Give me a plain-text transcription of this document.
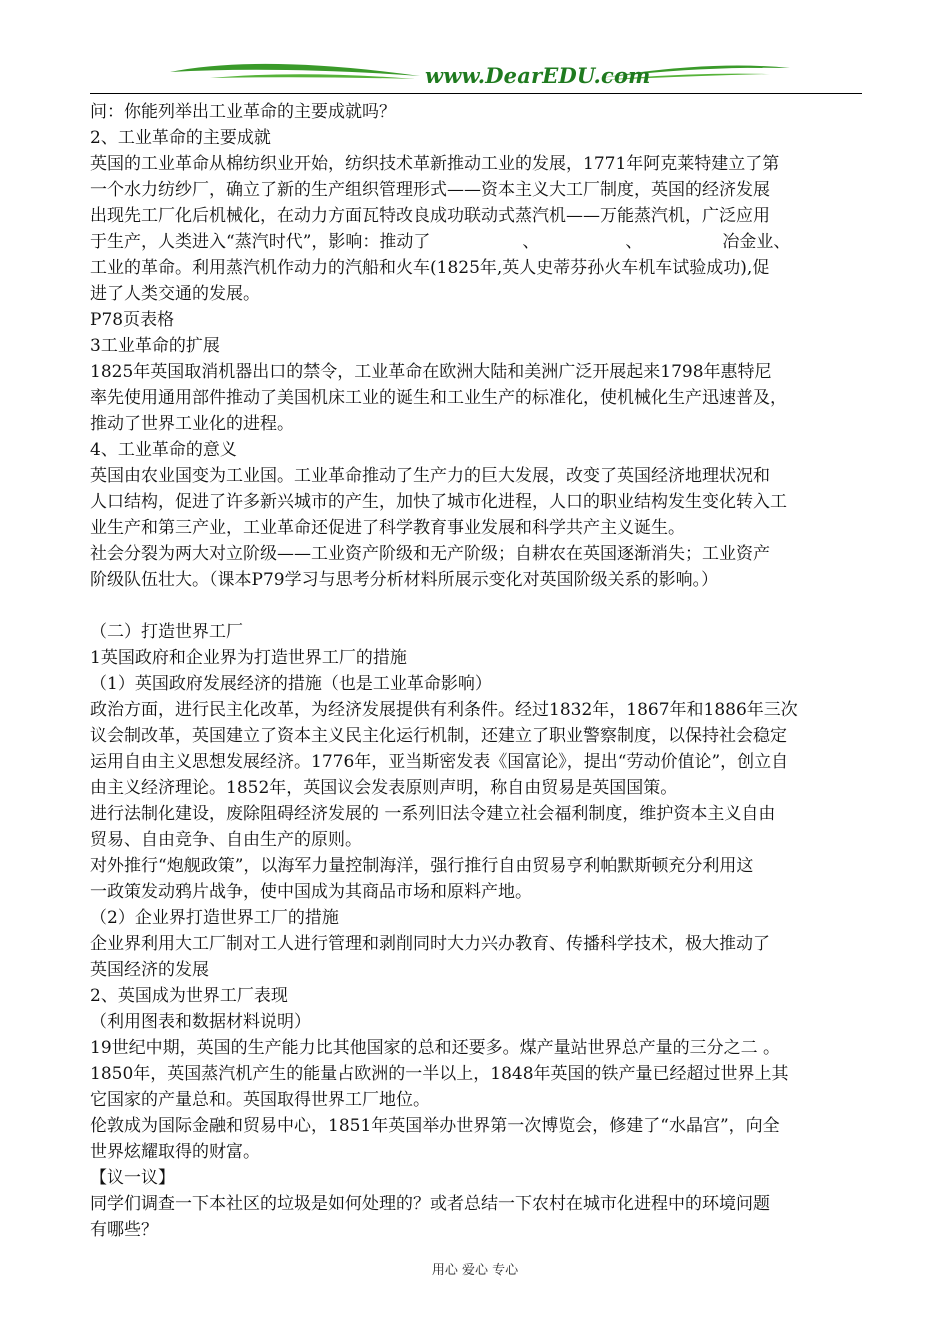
www.DearEDU.com
问：你能列举出工业革命的主要成就吗？
2、工业革命的主要成就
英国的工业革命从棉纺织业开始，纺织技术革新推动工业的发展，1771年阿克莱特建立了第
一个水力纺纱厂，确立了新的生产组织管理形式——资本主义大工厂制度，英国的经济发展
出现先工厂化后机械化，在动力方面瓦特改良成功联动式蒸汽机——万能蒸汽机，广泛应用
于生产，人类进入“蒸汽时代”，影响：推动了	、	、	冶金业、
工业的革命。利用蒸汽机作动力的汽船和火车(1825年,英人史蒂芬孙火车机车试验成功),促
进了人类交通的发展。
P78页表格
3工业革命的扩展
1825年英国取消机器出口的禁令，工业革命在欧洲大陆和美洲广泛开展起来1798年惠特尼
率先使用通用部件推动了美国机床工业的诞生和工业生产的标准化，使机械化生产迅速普及，
推动了世界工业化的进程。
4、工业革命的意义
英国由农业国变为工业国。工业革命推动了生产力的巨大发展，改变了英国经济地理状况和
人口结构，促进了许多新兴城市的产生，加快了城市化进程，人口的职业结构发生变化转入工
业生产和第三产业，工业革命还促进了科学教育事业发展和科学共产主义诞生。
社会分裂为两大对立阶级——工业资产阶级和无产阶级；自耕农在英国逐渐消失；工业资产
阶级队伍壮大。（课本P79学习与思考分析材料所展示变化对英国阶级关系的影响。）
（二）打造世界工厂
1英国政府和企业界为打造世界工厂的措施
（1）英国政府发展经济的措施（也是工业革命影响）
政治方面，进行民主化改革，为经济发展提供有利条件。经过1832年，1867年和1886年三次
议会制改革，英国建立了资本主义民主化运行机制，还建立了职业警察制度，以保持社会稳定
运用自由主义思想发展经济。1776年，亚当斯密发表《国富论》，提出“劳动价值论”，创立自
由主义经济理论。1852年，英国议会发表原则声明，称自由贸易是英国国策。
进行法制化建设，废除阻碍经济发展的 一系列旧法令建立社会福利制度，维护资本主义自由
贸易、自由竞争、自由生产的原则。
对外推行“炮舰政策”，以海军力量控制海洋，强行推行自由贸易亨利帕默斯顿充分利用这
一政策发动鸦片战争，使中国成为其商品市场和原料产地。
（2）企业界打造世界工厂的措施
企业界利用大工厂制对工人进行管理和剥削同时大力兴办教育、传播科学技术，极大推动了
英国经济的发展
2、英国成为世界工厂表现
（利用图表和数据材料说明）
19世纪中期，英国的生产能力比其他国家的总和还要多。煤产量站世界总产量的三分之二 。
1850年，英国蒸汽机产生的能量占欧洲的一半以上，1848年英国的铁产量已经超过世界上其
它国家的产量总和。英国取得世界工厂地位。
伦敦成为国际金融和贸易中心，1851年英国举办世界第一次博览会，修建了“水晶宫”，向全
世界炫耀取得的财富。
【议一议】
同学们调查一下本社区的垃圾是如何处理的？或者总结一下农村在城市化进程中的环境问题
有哪些？
用心 爱心 专心
